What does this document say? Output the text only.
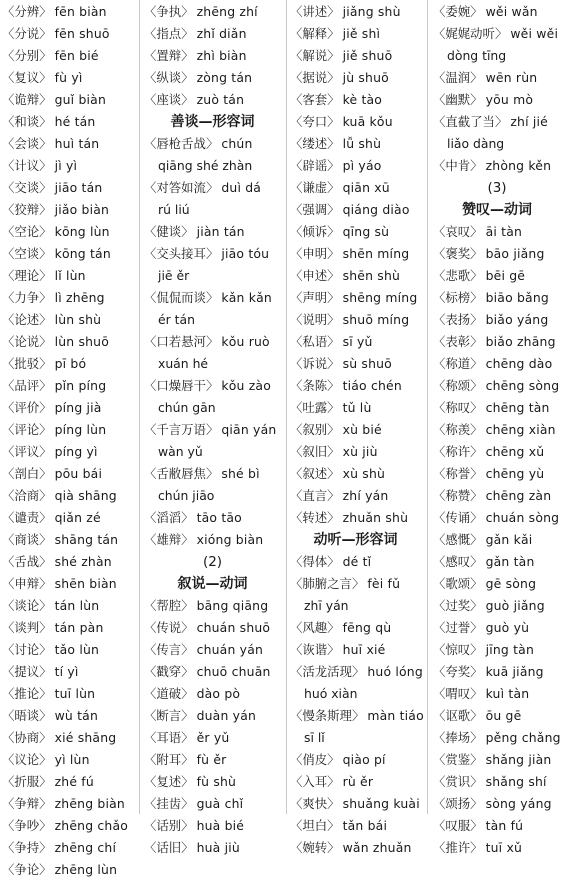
〈分辨〉 fēn biàn
〈分说〉 fēn shuō
〈分别〉 fēn bié
〈复议〉 fù yì
〈诡辩〉 guǐ biàn
〈和谈〉 hé tán
〈会谈〉 huì tán
〈计议〉 jì yì
〈交谈〉 jiāo tán
〈狡辩〉 jiǎo biàn
〈空论〉 kōng lùn
〈空谈〉 kōng tán
〈理论〉 lǐ lùn
〈力争〉 lì zhēng
〈论述〉 lùn shù
〈论说〉 lùn shuō
〈批驳〉 pī bó
〈品评〉 pǐn píng
〈评价〉 píng jià
〈评论〉 píng lùn
〈评议〉 píng yì
〈剖白〉 pōu bái
〈洽商〉 qià shāng
〈谴责〉 qiǎn zé
〈商谈〉 shāng tán
〈舌战〉 shé zhàn
〈申辩〉 shēn biàn
〈谈论〉 tán lùn
〈谈判〉 tán pàn
〈讨论〉 tǎo lùn
〈提议〉 tí yì
〈推论〉 tuī lùn
〈晤谈〉 wù tán
〈协商〉 xié shāng
〈议论〉 yì lùn
〈折服〉 zhé fú
〈争辩〉 zhēng biàn
〈争吵〉 zhēng chǎo
〈争持〉 zhēng chí
〈争论〉 zhēng lùn
〈争执〉 zhēng zhí
〈指点〉 zhǐ diǎn
〈置辩〉 zhì biàn
〈纵谈〉 zòng tán
〈座谈〉 zuò tán
善谈—形容词
〈唇枪舌战〉 chún
qiāng shé zhàn
〈对答如流〉 duì dá
rú liú
〈健谈〉 jiàn tán
〈交头接耳〉 jiāo tóu
jiē ěr
〈侃侃而谈〉 kǎn kǎn
ér tán
〈口若悬河〉 kǒu ruò
xuán hé
〈口燥唇干〉 kǒu zào
chún gān
〈千言万语〉 qiān yán
wàn yǔ
〈舌敝唇焦〉 shé bì
chún jiāo
〈滔滔〉 tāo tāo
〈雄辩〉 xióng biàn
(2)
叙说—动词
〈帮腔〉 bāng qiāng
〈传说〉 chuán shuō
〈传言〉 chuán yán
〈戳穿〉 chuō chuān
〈道破〉 dào pò
〈断言〉 duàn yán
〈耳语〉 ěr yǔ
〈附耳〉 fù ěr
〈复述〉 fù shù
〈挂齿〉 guà chǐ
〈话别〉 huà bié
〈话旧〉 huà jiù
〈讲述〉 jiǎng shù
〈解释〉 jiě shì
〈解说〉 jiě shuō
〈据说〉 jù shuō
〈客套〉 kè tào
〈夸口〉 kuā kǒu
〈缕述〉 lǚ shù
〈辟谣〉 pì yáo
〈谦虚〉 qiān xū
〈强调〉 qiáng diào
〈倾诉〉 qīng sù
〈申明〉 shēn míng
〈申述〉 shēn shù
〈声明〉 shēng míng
〈说明〉 shuō míng
〈私语〉 sī yǔ
〈诉说〉 sù shuō
〈条陈〉 tiáo chén
〈吐露〉 tǔ lù
〈叙别〉 xù bié
〈叙旧〉 xù jiù
〈叙述〉 xù shù
〈直言〉 zhí yán
〈转述〉 zhuǎn shù
动听—形容词
〈得体〉 dé tǐ
〈肺腑之言〉 fèi fǔ
zhī yán
〈风趣〉 fēng qù
〈诙谐〉 huī xié
〈活龙活现〉 huó lóng
huó xiàn
〈慢条斯理〉 màn tiáo
sī lǐ
〈俏皮〉 qiào pí
〈入耳〉 rù ěr
〈爽快〉 shuǎng kuài
〈坦白〉 tǎn bái
〈婉转〉 wǎn zhuǎn
〈委婉〉 wěi wǎn
〈娓娓动听〉 wěi wěi
dòng tīng
〈温润〉 wēn rùn
〈幽默〉 yōu mò
〈直截了当〉 zhí jié
liǎo dàng
〈中肯〉 zhòng kěn
(3)
赞叹—动词
〈哀叹〉 āi tàn
〈褒奖〉 bāo jiǎng
〈悲歌〉 bēi gē
〈标榜〉 biāo bǎng
〈表扬〉 biǎo yáng
〈表彰〉 biǎo zhāng
〈称道〉 chēng dào
〈称颂〉 chēng sòng
〈称叹〉 chēng tàn
〈称羡〉 chēng xiàn
〈称许〉 chēng xǔ
〈称誉〉 chēng yù
〈称赞〉 chēng zàn
〈传诵〉 chuán sòng
〈感慨〉 gǎn kǎi
〈感叹〉 gǎn tàn
〈歌颂〉 gē sòng
〈过奖〉 guò jiǎng
〈过誉〉 guò yù
〈惊叹〉 jīng tàn
〈夸奖〉 kuā jiǎng
〈喟叹〉 kuì tàn
〈讴歌〉 ōu gē
〈捧场〉 pěng chǎng
〈赏鉴〉 shǎng jiàn
〈赏识〉 shǎng shí
〈颂扬〉 sòng yáng
〈叹服〉 tàn fú
〈推许〉 tuī xǔ
